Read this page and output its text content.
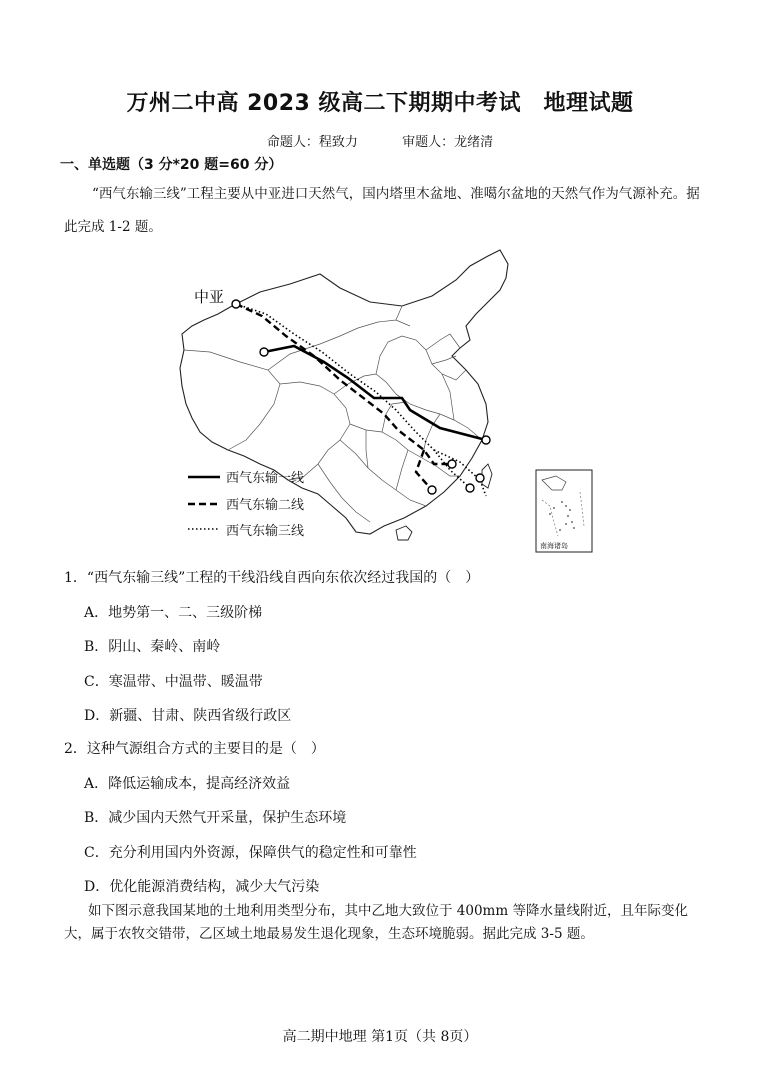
万州二中高 2023 级高二下期期中考试　地理试题
命题人：程致力	审题人：龙绪清
一、单选题（3 分*20 题=60 分）
“西气东输三线”工程主要从中亚进口天然气，国内塔里木盆地、准噶尔盆地的天然气作为气源补充。据此完成 1-2 题。
中亚
西气东输一线
西气东输二线
西气东输三线
南海诸岛
1．“西气东输三线”工程的干线沿线自西向东依次经过我国的（　）
A．地势第一、二、三级阶梯
B．阴山、秦岭、南岭
C．寒温带、中温带、暖温带
D．新疆、甘肃、陕西省级行政区
2．这种气源组合方式的主要目的是（　）
A．降低运输成本，提高经济效益
B．减少国内天然气开采量，保护生态环境
C．充分利用国内外资源，保障供气的稳定性和可靠性
D．优化能源消费结构，减少大气污染
如下图示意我国某地的土地利用类型分布，其中乙地大致位于 400mm 等降水量线附近，且年际变化大，属于农牧交错带，乙区域土地最易发生退化现象，生态环境脆弱。据此完成 3-5 题。
高二期中地理 第1页（共 8页）
